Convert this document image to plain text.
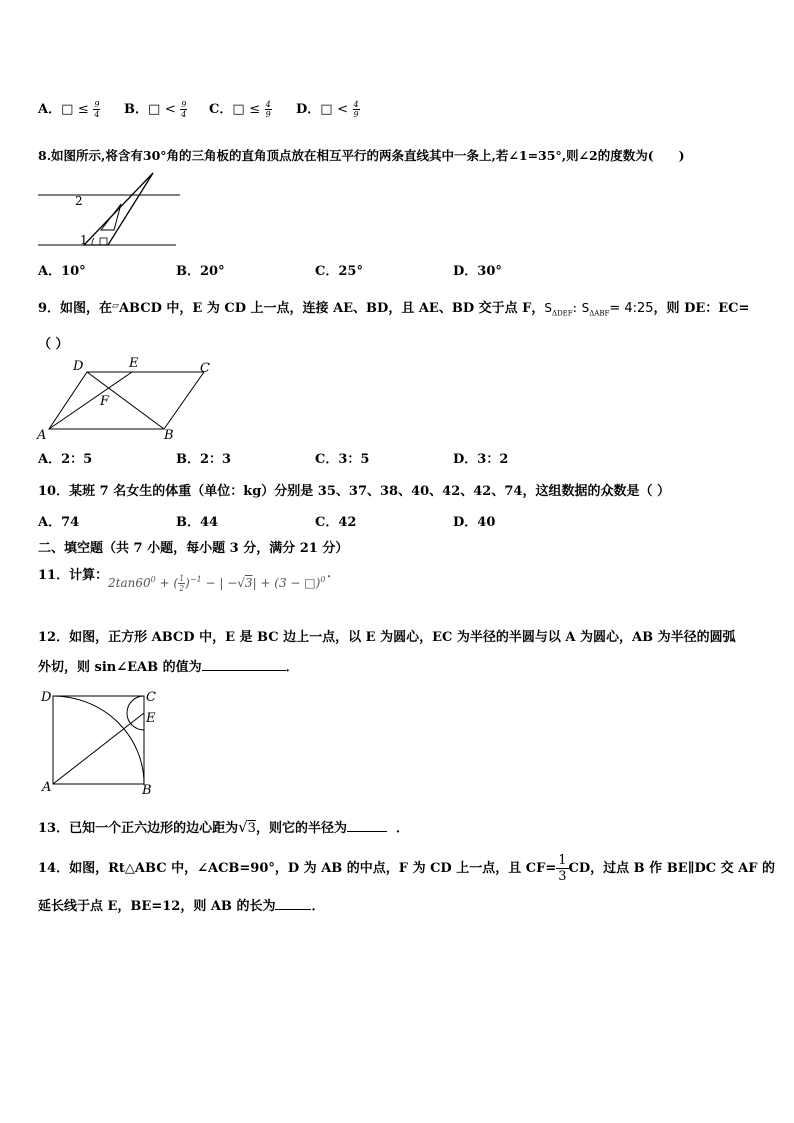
A．□ ≤ $\frac{9}{4}$ B．□ < $\frac{9}{4}$ C．□ ≤ $\frac{4}{9}$ D．□ < $\frac{4}{9}$
8.如图所示,将含有30°角的三角板的直角顶点放在相互平行的两条直线其中一条上,若∠1=35°,则∠2的度数为(　　)
2
1
A．10°	B．20°	C．25°	D．30°
9．如图，在▱ABCD 中，E 为 CD 上一点，连接 AE、BD，且 AE、BD 交于点 F，$S_{\Delta DEF}$: $S_{\Delta ABF}=$ 4:25，则 DE：EC=
（ ）
D	E	C
F
A	B
A．2：5	B．2：3	C．3：5	D．3：2
10．某班 7 名女生的体重（单位：kg）分别是 35、37、38、40、42、42、74，这组数据的众数是（ ）
A．74	B．44	C．42	D．40
二、填空题（共 7 小题，每小题 3 分，满分 21 分）
11．计算： $2\tan 60^0$ + ( $\frac{1}{2} )^{-1}$ − | −√3| + (3 − □)$^0$ .
12．如图，正方形 ABCD 中，E 是 BC 边上一点，以 E 为圆心，EC 为半径的半圆与以 A 为圆心，AB 为半径的圆弧
外切，则 sin∠EAB 的值为	．
D	C
E
A	B
13．已知一个正六边形的边心距为√3，则它的半径为	．
14．如图，Rt△ABC 中，∠ACB=90°，D 为 AB 的中点，F 为 CD 上一点，且 $CF= \frac{1}{3}$ CD，过点 B 作 BE∥DC 交 AF 的
延长线于点 E，BE=12，则 AB 的长为	．
